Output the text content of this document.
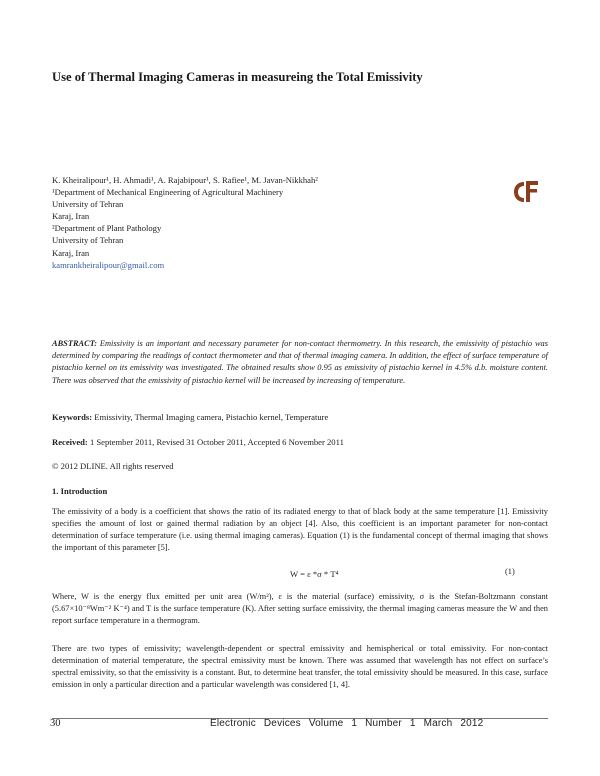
Use of Thermal Imaging Cameras in measureing the Total Emissivity
K. Kheiralipour¹, H. Ahmadi¹, A. Rajabipour¹, S. Rafiee¹, M. Javan-Nikkhah²
¹Department of Mechanical Engineering of Agricultural Machinery
University of Tehran
Karaj, Iran
²Department of Plant Pathology
University of Tehran
Karaj, Iran
kamrankheiralipour@gmail.com
ABSTRACT: Emissivity is an important and necessary parameter for non-contact thermometry. In this research, the emissivity of pistachio was determined by comparing the readings of contact thermometer and that of thermal imaging camera. In addition, the effect of surface temperature of pistachio kernel on its emissivity was investigated. The obtained results show 0.95 as emissivity of pistachio kernel in 4.5% d.b. moisture content. There was observed that the emissivity of pistachio kernel will be increased by increasing of temperature.
Keywords: Emissivity, Thermal Imaging camera, Pistachio kernel, Temperature
Received: 1 September 2011, Revised 31 October 2011, Accepted 6 November 2011
© 2012 DLINE. All rights reserved
1. Introduction
The emissivity of a body is a coefficient that shows the ratio of its radiated energy to that of black body at the same temperature [1]. Emissivity specifies the amount of lost or gained thermal radiation by an object [4]. Also, this coefficient is an important parameter for non-contact determination of surface temperature (i.e. using thermal imaging cameras). Equation (1) is the fundamental concept of thermal imaging that shows the important of this parameter [5].
W = ε *σ * T⁴	(1)
Where, W is the energy flux emitted per unit area (W/m²), ε is the material (surface) emissivity, σ is the Stefan-Boltzmann constant (5.67×10⁻⁸Wm⁻² K⁻⁴) and T is the surface temperature (K). After setting surface emissivity, the thermal imaging cameras measure the W and then report surface temperature in a thermogram.
There are two types of emissivity; wavelength-dependent or spectral emissivity and hemispherical or total emissivity. For non-contact determination of material temperature, the spectral emissivity must be known. There was assumed that wavelength has not effect on surface’s spectral emissivity, so that the emissivity is a constant. But, to determine heat transfer, the total emissivity should be measured. In this case, surface emission in only a particular direction and a particular wavelength was considered [1, 4].
30	Electronic Devices Volume 1 Number 1 March 2012
